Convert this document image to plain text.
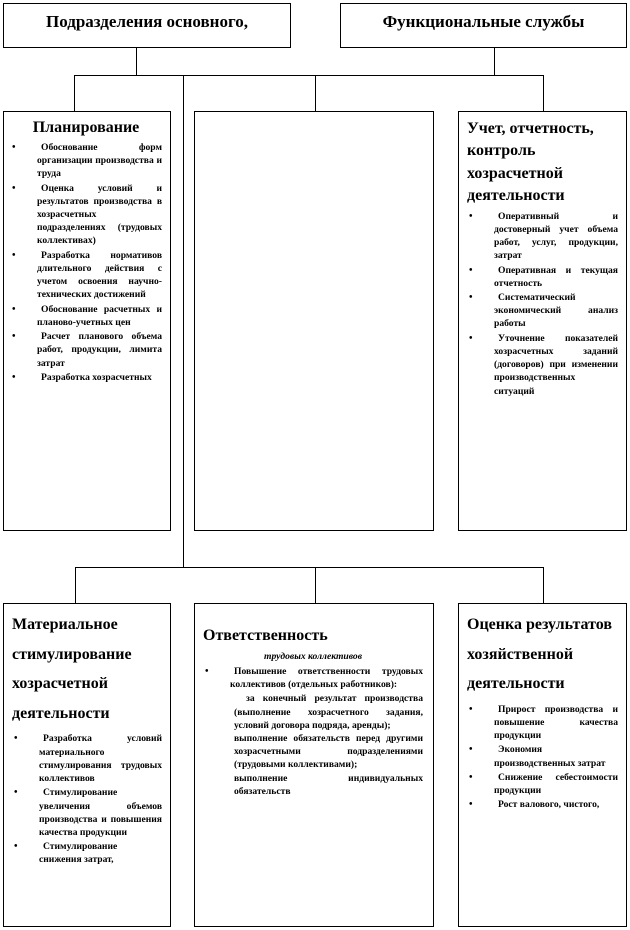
Подразделения основного,	Функциональные службы
Планирование
• Обоснование форм организации производства и труда
• Оценка условий и результатов производства в хозрасчетных подразделениях (трудовых коллективах)
• Разработка нормативов длительного действия с учетом освоения научно-технических достижений
• Обоснование расчетных и планово-учетных цен
• Расчет планового объема работ, продукции, лимита затрат
• Разработка хозрасчетных
Учет, отчетность, контроль хозрасчетной деятельности
• Оперативный и достоверный учет объема работ, услуг, продукции, затрат
• Оперативная и текущая отчетность
• Систематический экономический анализ работы
• Уточнение показателей хозрасчетных заданий (договоров) при изменении производственных ситуаций
Материальное стимулирование хозрасчетной деятельности
• Разработка условий материального стимулирования трудовых коллективов
• Стимулирование увеличения объемов производства и повышения качества продукции
• Стимулирование снижения затрат,
Ответственность
трудовых коллективов
• Повышение ответственности трудовых коллективов (отдельных работников):
за конечный результат производства (выполнение хозрасчетного задания, условий договора подряда, аренды);
выполнение обязательств перед другими хозрасчетными подразделениями (трудовыми коллективами);
выполнение индивидуальных обязательств
Оценка результатов хозяйственной деятельности
• Прирост производства и повышение качества продукции
• Экономия производственных затрат
• Снижение себестоимости продукции
• Рост валового, чистого,
